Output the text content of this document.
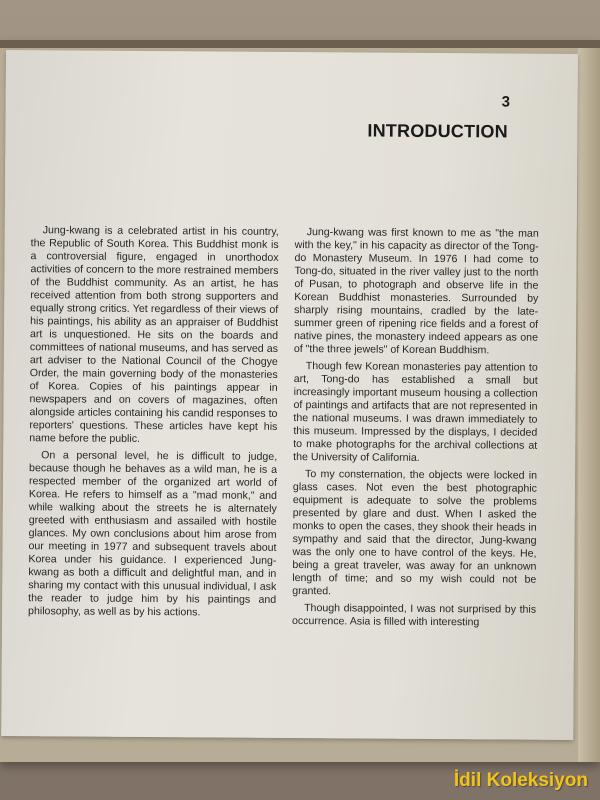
3
INTRODUCTION

Jung-kwang is a celebrated artist in his country, the Republic of South Korea. This Buddhist monk is a controversial figure, engaged in unorthodox activities of concern to the more restrained members of the Buddhist community. As an artist, he has received attention from both strong supporters and equally strong critics. Yet regardless of their views of his paintings, his ability as an appraiser of Buddhist art is unquestioned. He sits on the boards and committees of national museums, and has served as art adviser to the National Council of the Chogye Order, the main governing body of the monasteries of Korea. Copies of his paintings appear in newspapers and on covers of magazines, often alongside articles containing his candid responses to reporters' questions. These articles have kept his name before the public.

On a personal level, he is difficult to judge, because though he behaves as a wild man, he is a respected member of the organized art world of Korea. He refers to himself as a "mad monk," and while walking about the streets he is alternately greeted with enthusiasm and assailed with hostile glances. My own conclusions about him arose from our meeting in 1977 and subsequent travels about Korea under his guidance. I experienced Jung-kwang as both a difficult and delightful man, and in sharing my contact with this unusual individual, I ask the reader to judge him by his paintings and philosophy, as well as by his actions.

Jung-kwang was first known to me as "the man with the key," in his capacity as director of the Tong-do Monastery Museum. In 1976 I had come to Tong-do, situated in the river valley just to the north of Pusan, to photograph and observe life in the Korean Buddhist monasteries. Surrounded by sharply rising mountains, cradled by the late-summer green of ripening rice fields and a forest of native pines, the monastery indeed appears as one of "the three jewels" of Korean Buddhism.

Though few Korean monasteries pay attention to art, Tong-do has established a small but increasingly important museum housing a collection of paintings and artifacts that are not represented in the national museums. I was drawn immediately to this museum. Impressed by the displays, I decided to make photographs for the archival collections at the University of California.

To my consternation, the objects were locked in glass cases. Not even the best photographic equipment is adequate to solve the problems presented by glare and dust. When I asked the monks to open the cases, they shook their heads in sympathy and said that the director, Jung-kwang was the only one to have control of the keys. He, being a great traveler, was away for an unknown length of time; and so my wish could not be granted.

Though disappointed, I was not surprised by this occurrence. Asia is filled with interesting

İdil Koleksiyon
